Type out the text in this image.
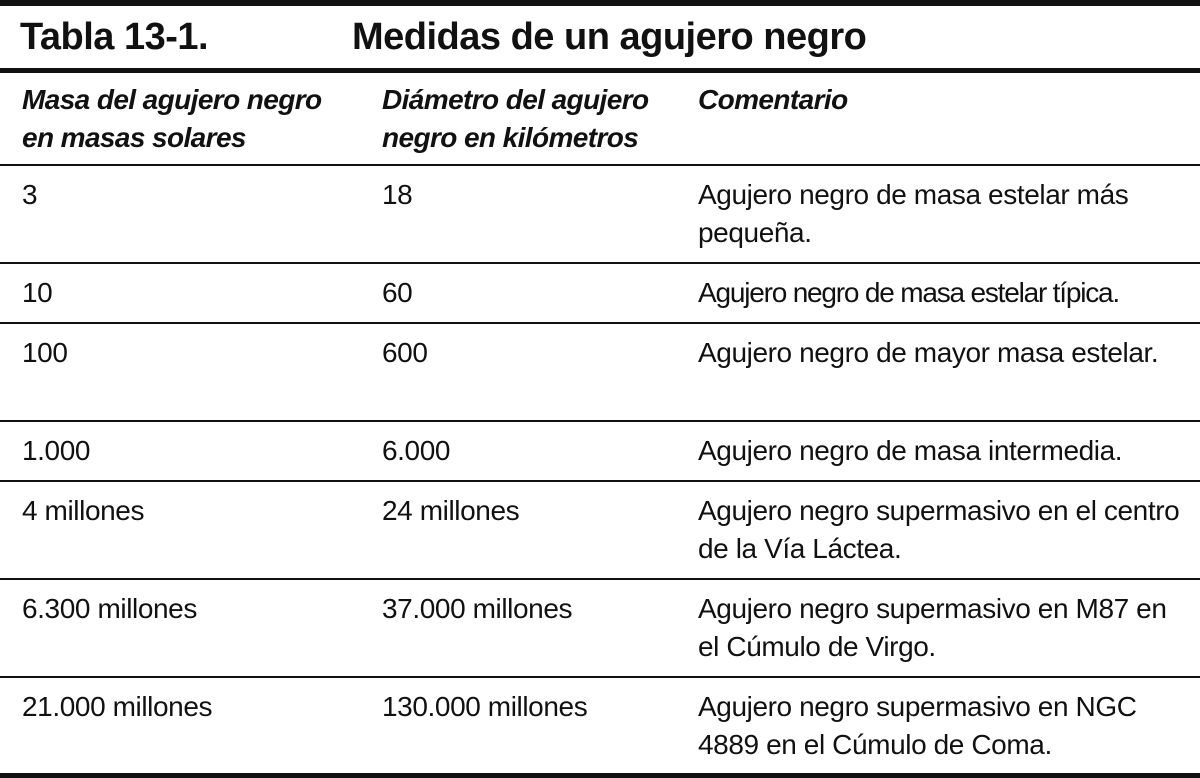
Tabla 13-1.	Medidas de un agujero negro
Masa del agujero negro en masas solares	Diámetro del agujero negro en kilómetros	Comentario
3	18	Agujero negro de masa estelar más pequeña.
10	60	Agujero negro de masa estelar típica.
100	600	Agujero negro de mayor masa estelar.
1.000	6.000	Agujero negro de masa intermedia.
4 millones	24 millones	Agujero negro supermasivo en el centro de la Vía Láctea.
6.300 millones	37.000 millones	Agujero negro supermasivo en M87 en el Cúmulo de Virgo.
21.000 millones	130.000 millones	Agujero negro supermasivo en NGC 4889 en el Cúmulo de Coma.
